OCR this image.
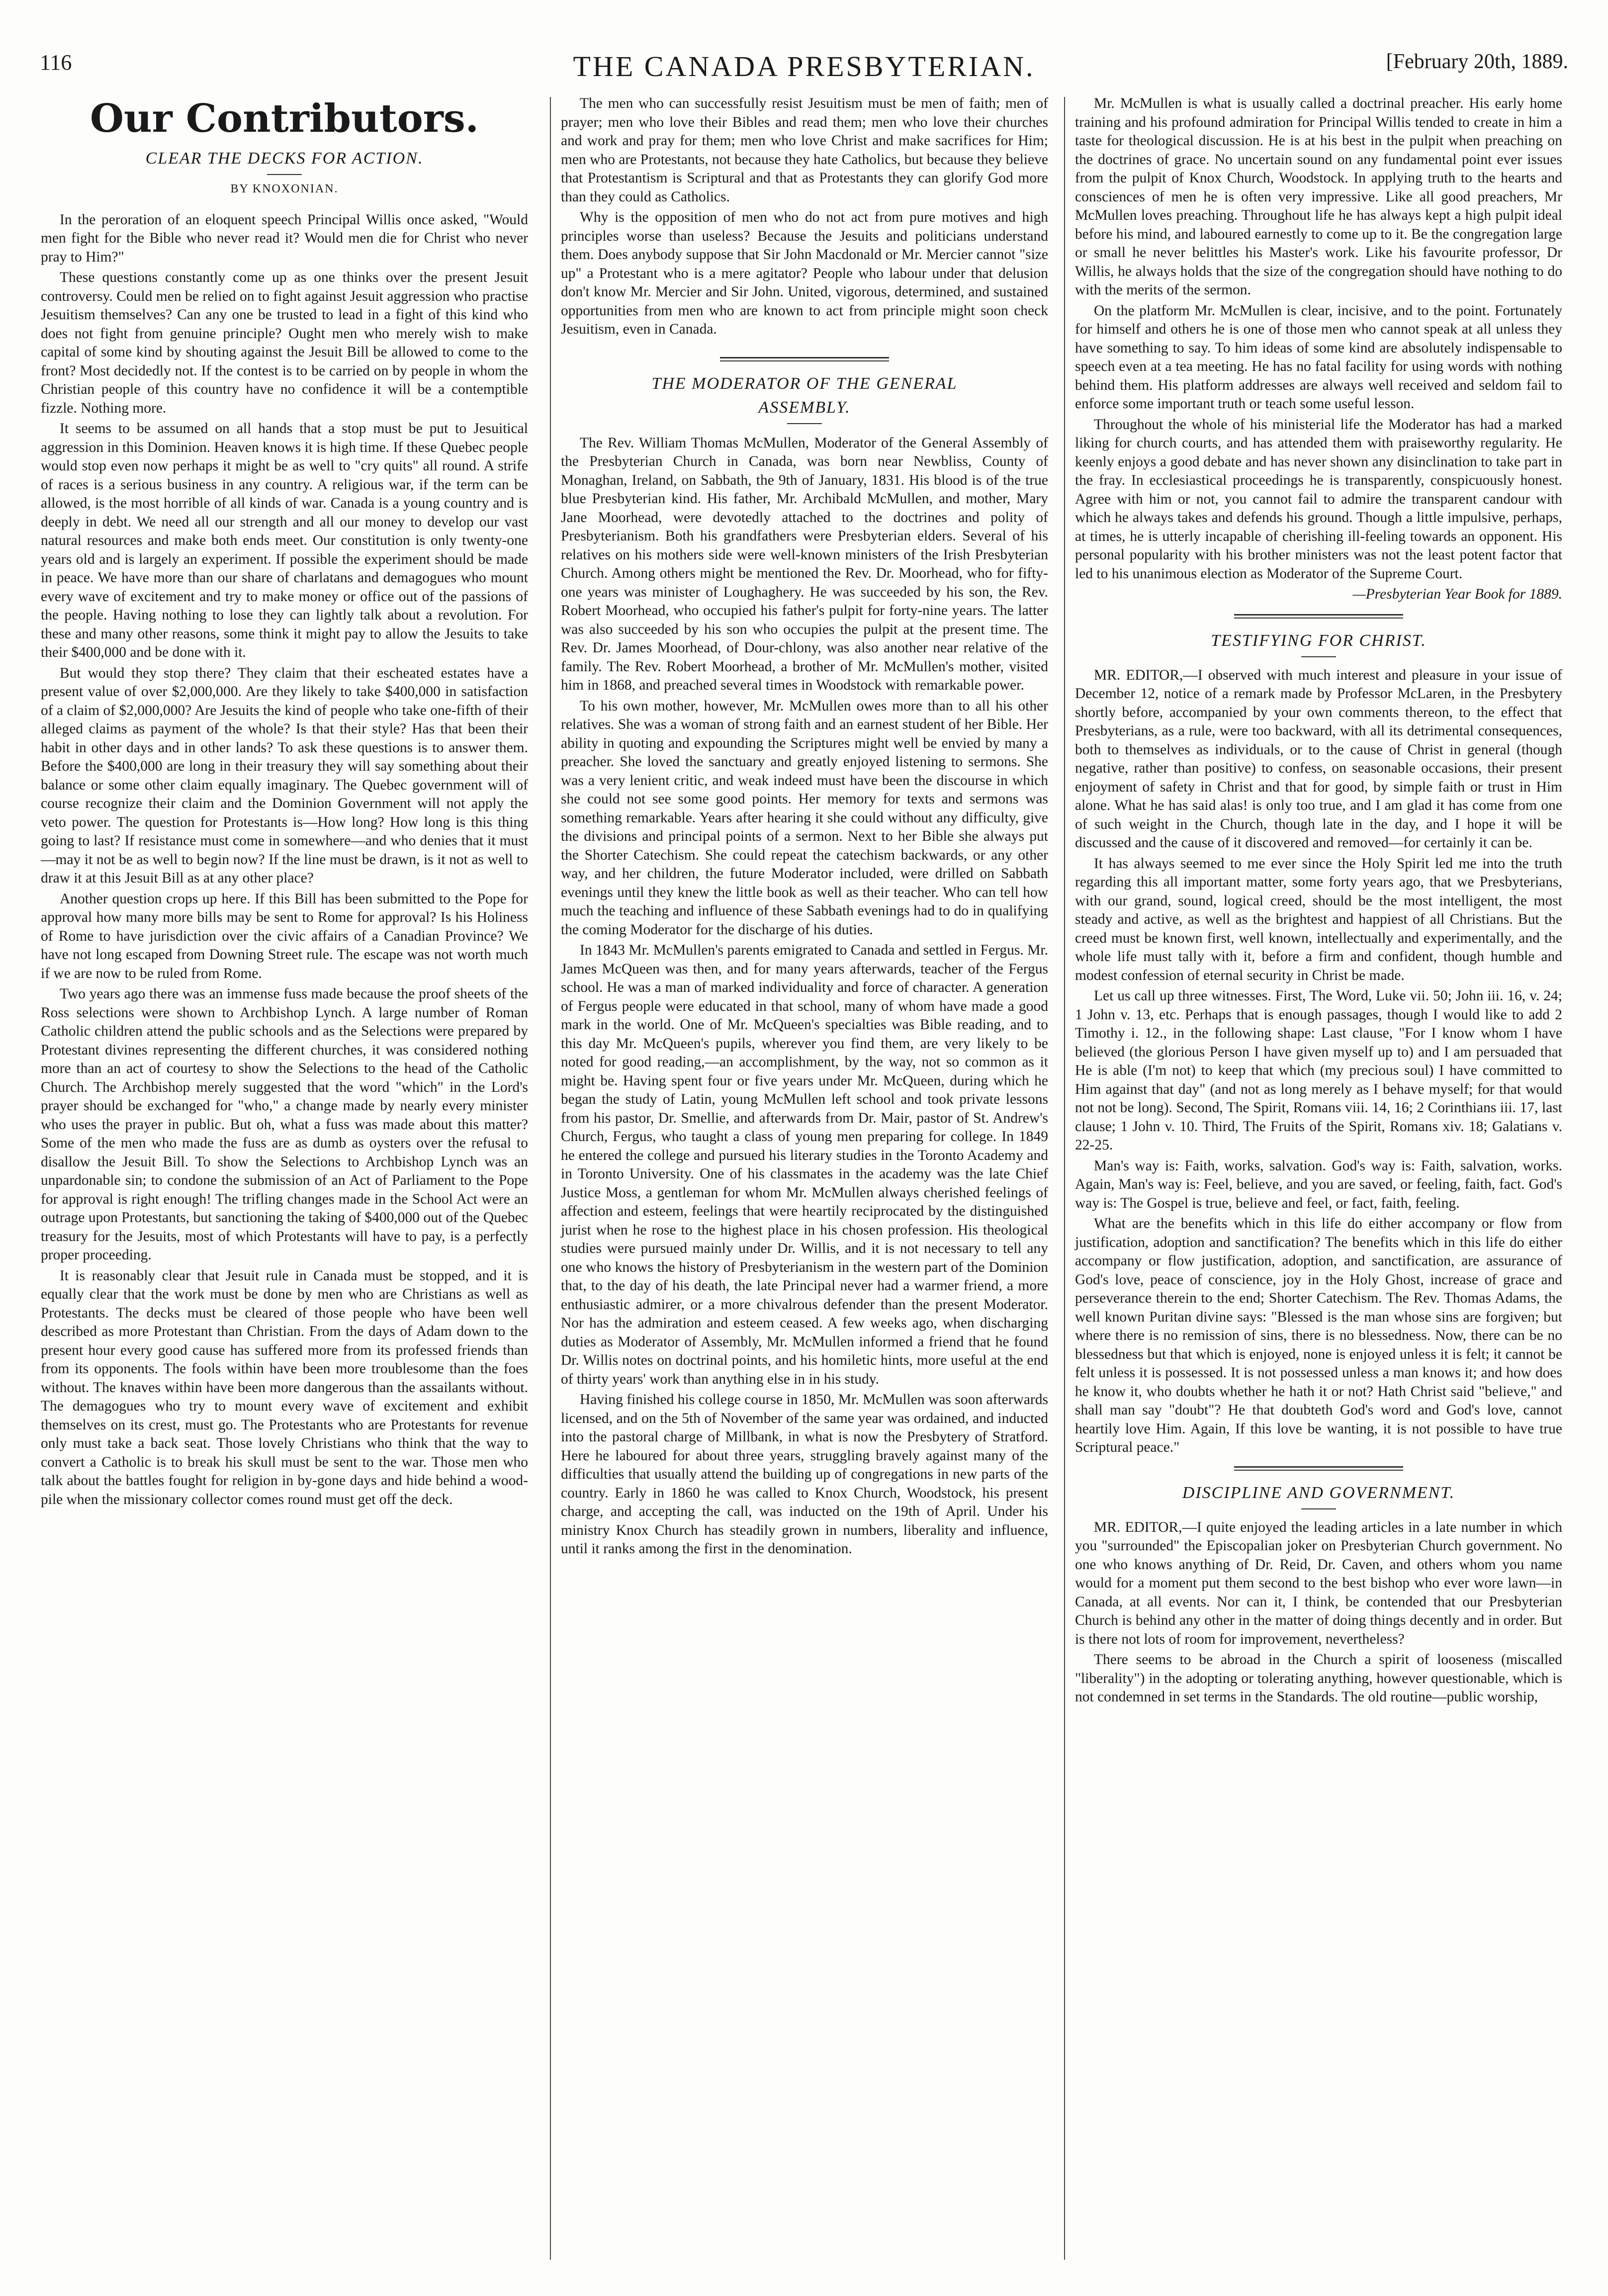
116	THE CANADA PRESBYTERIAN.	[February 20th, 1889.
Our Contributors.
CLEAR THE DECKS FOR ACTION.
BY KNOXONIAN.

In the peroration of an eloquent speech Principal Willis once asked, "Would men fight for the Bible who never read it? Would men die for Christ who never pray to Him?"

These questions constantly come up as one thinks over the present Jesuit controversy. Could men be relied on to fight against Jesuit aggression who practise Jesuitism themselves? Can any one be trusted to lead in a fight of this kind who does not fight from genuine principle? Ought men who merely wish to make capital of some kind by shouting against the Jesuit Bill be allowed to come to the front? Most decidedly not. If the contest is to be carried on by people in whom the Christian people of this country have no confidence it will be a contemptible fizzle. Nothing more.

It seems to be assumed on all hands that a stop must be put to Jesuitical aggression in this Dominion. Heaven knows it is high time. If these Quebec people would stop even now perhaps it might be as well to "cry quits" all round. A strife of races is a serious business in any country. A religious war, if the term can be allowed, is the most horrible of all kinds of war. Canada is a young country and is deeply in debt. We need all our strength and all our money to develop our vast natural resources and make both ends meet. Our constitution is only twenty-one years old and is largely an experiment. If possible the experiment should be made in peace. We have more than our share of charlatans and demagogues who mount every wave of excitement and try to make money or office out of the passions of the people. Having nothing to lose they can lightly talk about a revolution. For these and many other reasons, some think it might pay to allow the Jesuits to take their $400,000 and be done with it.

But would they stop there? They claim that their escheated estates have a present value of over $2,000,000. Are they likely to take $400,000 in satisfaction of a claim of $2,000,000? Are Jesuits the kind of people who take one-fifth of their alleged claims as payment of the whole? Is that their style? Has that been their habit in other days and in other lands? To ask these questions is to answer them. Before the $400,000 are long in their treasury they will say something about their balance or some other claim equally imaginary. The Quebec government will of course recognize their claim and the Dominion Government will not apply the veto power. The question for Protestants is—How long? How long is this thing going to last? If resistance must come in somewhere—and who denies that it must—may it not be as well to begin now? If the line must be drawn, is it not as well to draw it at this Jesuit Bill as at any other place?

Another question crops up here. If this Bill has been submitted to the Pope for approval how many more bills may be sent to Rome for approval? Is his Holiness of Rome to have jurisdiction over the civic affairs of a Canadian Province? We have not long escaped from Downing Street rule. The escape was not worth much if we are now to be ruled from Rome.

Two years ago there was an immense fuss made because the proof sheets of the Ross selections were shown to Archbishop Lynch. A large number of Roman Catholic children attend the public schools and as the Selections were prepared by Protestant divines representing the different churches, it was considered nothing more than an act of courtesy to show the Selections to the head of the Catholic Church. The Archbishop merely suggested that the word "which" in the Lord's prayer should be exchanged for "who," a change made by nearly every minister who uses the prayer in public. But oh, what a fuss was made about this matter? Some of the men who made the fuss are as dumb as oysters over the refusal to disallow the Jesuit Bill. To show the Selections to Archbishop Lynch was an unpardonable sin; to condone the submission of an Act of Parliament to the Pope for approval is right enough! The trifling changes made in the School Act were an outrage upon Protestants, but sanctioning the taking of $400,000 out of the Quebec treasury for the Jesuits, most of which Protestants will have to pay, is a perfectly proper proceeding.

It is reasonably clear that Jesuit rule in Canada must be stopped, and it is equally clear that the work must be done by men who are Christians as well as Protestants. The decks must be cleared of those people who have been well described as more Protestant than Christian. From the days of Adam down to the present hour every good cause has suffered more from its professed friends than from its opponents. The fools within have been more troublesome than the foes without. The knaves within have been more dangerous than the assailants without. The demagogues who try to mount every wave of excitement and exhibit themselves on its crest, must go. The Protestants who are Protestants for revenue only must take a back seat. Those lovely Christians who think that the way to convert a Catholic is to break his skull must be sent to the war. Those men who talk about the battles fought for religion in by-gone days and hide behind a wood-pile when the missionary collector comes round must get off the deck.

The men who can successfully resist Jesuitism must be men of faith; men of prayer; men who love their Bibles and read them; men who love their churches and work and pray for them; men who love Christ and make sacrifices for Him; men who are Protestants, not because they hate Catholics, but because they believe that Protestantism is Scriptural and that as Protestants they can glorify God more than they could as Catholics.

Why is the opposition of men who do not act from pure motives and high principles worse than useless? Because the Jesuits and politicians understand them. Does anybody suppose that Sir John Macdonald or Mr. Mercier cannot "size up" a Protestant who is a mere agitator? People who labour under that delusion don't know Mr. Mercier and Sir John. United, vigorous, determined, and sustained opportunities from men who are known to act from principle might soon check Jesuitism, even in Canada.

THE MODERATOR OF THE GENERAL
ASSEMBLY.

The Rev. William Thomas McMullen, Moderator of the General Assembly of the Presbyterian Church in Canada, was born near Newbliss, County of Monaghan, Ireland, on Sabbath, the 9th of January, 1831. His blood is of the true blue Presbyterian kind. His father, Mr. Archibald McMullen, and mother, Mary Jane Moorhead, were devotedly attached to the doctrines and polity of Presbyterianism. Both his grandfathers were Presbyterian elders. Several of his relatives on his mothers side were well-known ministers of the Irish Presbyterian Church. Among others might be mentioned the Rev. Dr. Moorhead, who for fifty-one years was minister of Loughaghery. He was succeeded by his son, the Rev. Robert Moorhead, who occupied his father's pulpit for forty-nine years. The latter was also succeeded by his son who occupies the pulpit at the present time. The Rev. Dr. James Moorhead, of Dour-chlony, was also another near relative of the family. The Rev. Robert Moorhead, a brother of Mr. McMullen's mother, visited him in 1868, and preached several times in Woodstock with remarkable power.

To his own mother, however, Mr. McMullen owes more than to all his other relatives. She was a woman of strong faith and an earnest student of her Bible. Her ability in quoting and expounding the Scriptures might well be envied by many a preacher. She loved the sanctuary and greatly enjoyed listening to sermons. She was a very lenient critic, and weak indeed must have been the discourse in which she could not see some good points. Her memory for texts and sermons was something remarkable. Years after hearing it she could without any difficulty, give the divisions and principal points of a sermon. Next to her Bible she always put the Shorter Catechism. She could repeat the catechism backwards, or any other way, and her children, the future Moderator included, were drilled on Sabbath evenings until they knew the little book as well as their teacher. Who can tell how much the teaching and influence of these Sabbath evenings had to do in qualifying the coming Moderator for the discharge of his duties.

In 1843 Mr. McMullen's parents emigrated to Canada and settled in Fergus. Mr. James McQueen was then, and for many years afterwards, teacher of the Fergus school. He was a man of marked individuality and force of character. A generation of Fergus people were educated in that school, many of whom have made a good mark in the world. One of Mr. McQueen's specialties was Bible reading, and to this day Mr. McQueen's pupils, wherever you find them, are very likely to be noted for good reading,—an accomplishment, by the way, not so common as it might be. Having spent four or five years under Mr. McQueen, during which he began the study of Latin, young McMullen left school and took private lessons from his pastor, Dr. Smellie, and afterwards from Dr. Mair, pastor of St. Andrew's Church, Fergus, who taught a class of young men preparing for college. In 1849 he entered the college and pursued his literary studies in the Toronto Academy and in Toronto University. One of his classmates in the academy was the late Chief Justice Moss, a gentleman for whom Mr. McMullen always cherished feelings of affection and esteem, feelings that were heartily reciprocated by the distinguished jurist when he rose to the highest place in his chosen profession. His theological studies were pursued mainly under Dr. Willis, and it is not necessary to tell any one who knows the history of Presbyterianism in the western part of the Dominion that, to the day of his death, the late Principal never had a warmer friend, a more enthusiastic admirer, or a more chivalrous defender than the present Moderator. Nor has the admiration and esteem ceased. A few weeks ago, when discharging duties as Moderator of Assembly, Mr. McMullen informed a friend that he found Dr. Willis notes on doctrinal points, and his homiletic hints, more useful at the end of thirty years' work than anything else in in his study.

Having finished his college course in 1850, Mr. McMullen was soon afterwards licensed, and on the 5th of November of the same year was ordained, and inducted into the pastoral charge of Millbank, in what is now the Presbytery of Stratford. Here he laboured for about three years, struggling bravely against many of the difficulties that usually attend the building up of congregations in new parts of the country. Early in 1860 he was called to Knox Church, Woodstock, his present charge, and accepting the call, was inducted on the 19th of April. Under his ministry Knox Church has steadily grown in numbers, liberality and influence, until it ranks among the first in the denomination.

Mr. McMullen is what is usually called a doctrinal preacher. His early home training and his profound admiration for Principal Willis tended to create in him a taste for theological discussion. He is at his best in the pulpit when preaching on the doctrines of grace. No uncertain sound on any fundamental point ever issues from the pulpit of Knox Church, Woodstock. In applying truth to the hearts and consciences of men he is often very impressive. Like all good preachers, Mr McMullen loves preaching. Throughout life he has always kept a high pulpit ideal before his mind, and laboured earnestly to come up to it. Be the congregation large or small he never belittles his Master's work. Like his favourite professor, Dr Willis, he always holds that the size of the congregation should have nothing to do with the merits of the sermon.

On the platform Mr. McMullen is clear, incisive, and to the point. Fortunately for himself and others he is one of those men who cannot speak at all unless they have something to say. To him ideas of some kind are absolutely indispensable to speech even at a tea meeting. He has no fatal facility for using words with nothing behind them. His platform addresses are always well received and seldom fail to enforce some important truth or teach some useful lesson.

Throughout the whole of his ministerial life the Moderator has had a marked liking for church courts, and has attended them with praiseworthy regularity. He keenly enjoys a good debate and has never shown any disinclination to take part in the fray. In ecclesiastical proceedings he is transparently, conspicuously honest. Agree with him or not, you cannot fail to admire the transparent candour with which he always takes and defends his ground. Though a little impulsive, perhaps, at times, he is utterly incapable of cherishing ill-feeling towards an opponent. His personal popularity with his brother ministers was not the least potent factor that led to his unanimous election as Moderator of the Supreme Court.

—Presbyterian Year Book for 1889.

TESTIFYING FOR CHRIST.

MR. EDITOR,—I observed with much interest and pleasure in your issue of December 12, notice of a remark made by Professor McLaren, in the Presbytery shortly before, accompanied by your own comments thereon, to the effect that Presbyterians, as a rule, were too backward, with all its detrimental consequences, both to themselves as individuals, or to the cause of Christ in general (though negative, rather than positive) to confess, on seasonable occasions, their present enjoyment of safety in Christ and that for good, by simple faith or trust in Him alone. What he has said alas! is only too true, and I am glad it has come from one of such weight in the Church, though late in the day, and I hope it will be discussed and the cause of it discovered and removed—for certainly it can be.

It has always seemed to me ever since the Holy Spirit led me into the truth regarding this all important matter, some forty years ago, that we Presbyterians, with our grand, sound, logical creed, should be the most intelligent, the most steady and active, as well as the brightest and happiest of all Christians. But the creed must be known first, well known, intellectually and experimentally, and the whole life must tally with it, before a firm and confident, though humble and modest confession of eternal security in Christ be made.

Let us call up three witnesses. First, The Word, Luke vii. 50; John iii. 16, v. 24; 1 John v. 13, etc. Perhaps that is enough passages, though I would like to add 2 Timothy i. 12., in the following shape: Last clause, "For I know whom I have believed (the glorious Person I have given myself up to) and I am persuaded that He is able (I'm not) to keep that which (my precious soul) I have committed to Him against that day" (and not as long merely as I behave myself; for that would not not be long). Second, The Spirit, Romans viii. 14, 16; 2 Corinthians iii. 17, last clause; 1 John v. 10. Third, The Fruits of the Spirit, Romans xiv. 18; Galatians v. 22-25.

Man's way is: Faith, works, salvation. God's way is: Faith, salvation, works. Again, Man's way is: Feel, believe, and you are saved, or feeling, faith, fact. God's way is: The Gospel is true, believe and feel, or fact, faith, feeling.

What are the benefits which in this life do either accompany or flow from justification, adoption and sanctification? The benefits which in this life do either accompany or flow justification, adoption, and sanctification, are assurance of God's love, peace of conscience, joy in the Holy Ghost, increase of grace and perseverance therein to the end; Shorter Catechism. The Rev. Thomas Adams, the well known Puritan divine says: "Blessed is the man whose sins are forgiven; but where there is no remission of sins, there is no blessedness. Now, there can be no blessedness but that which is enjoyed, none is enjoyed unless it is felt; it cannot be felt unless it is possessed. It is not possessed unless a man knows it; and how does he know it, who doubts whether he hath it or not? Hath Christ said "believe," and shall man say "doubt"? He that doubteth God's word and God's love, cannot heartily love Him. Again, If this love be wanting, it is not possible to have true Scriptural peace."

DISCIPLINE AND GOVERNMENT.

MR. EDITOR,—I quite enjoyed the leading articles in a late number in which you "surrounded" the Episcopalian joker on Presbyterian Church government. No one who knows anything of Dr. Reid, Dr. Caven, and others whom you name would for a moment put them second to the best bishop who ever wore lawn—in Canada, at all events. Nor can it, I think, be contended that our Presbyterian Church is behind any other in the matter of doing things decently and in order. But is there not lots of room for improvement, nevertheless?

There seems to be abroad in the Church a spirit of looseness (miscalled "liberality") in the adopting or tolerating anything, however questionable, which is not condemned in set terms in the Standards. The old routine—public worship,
